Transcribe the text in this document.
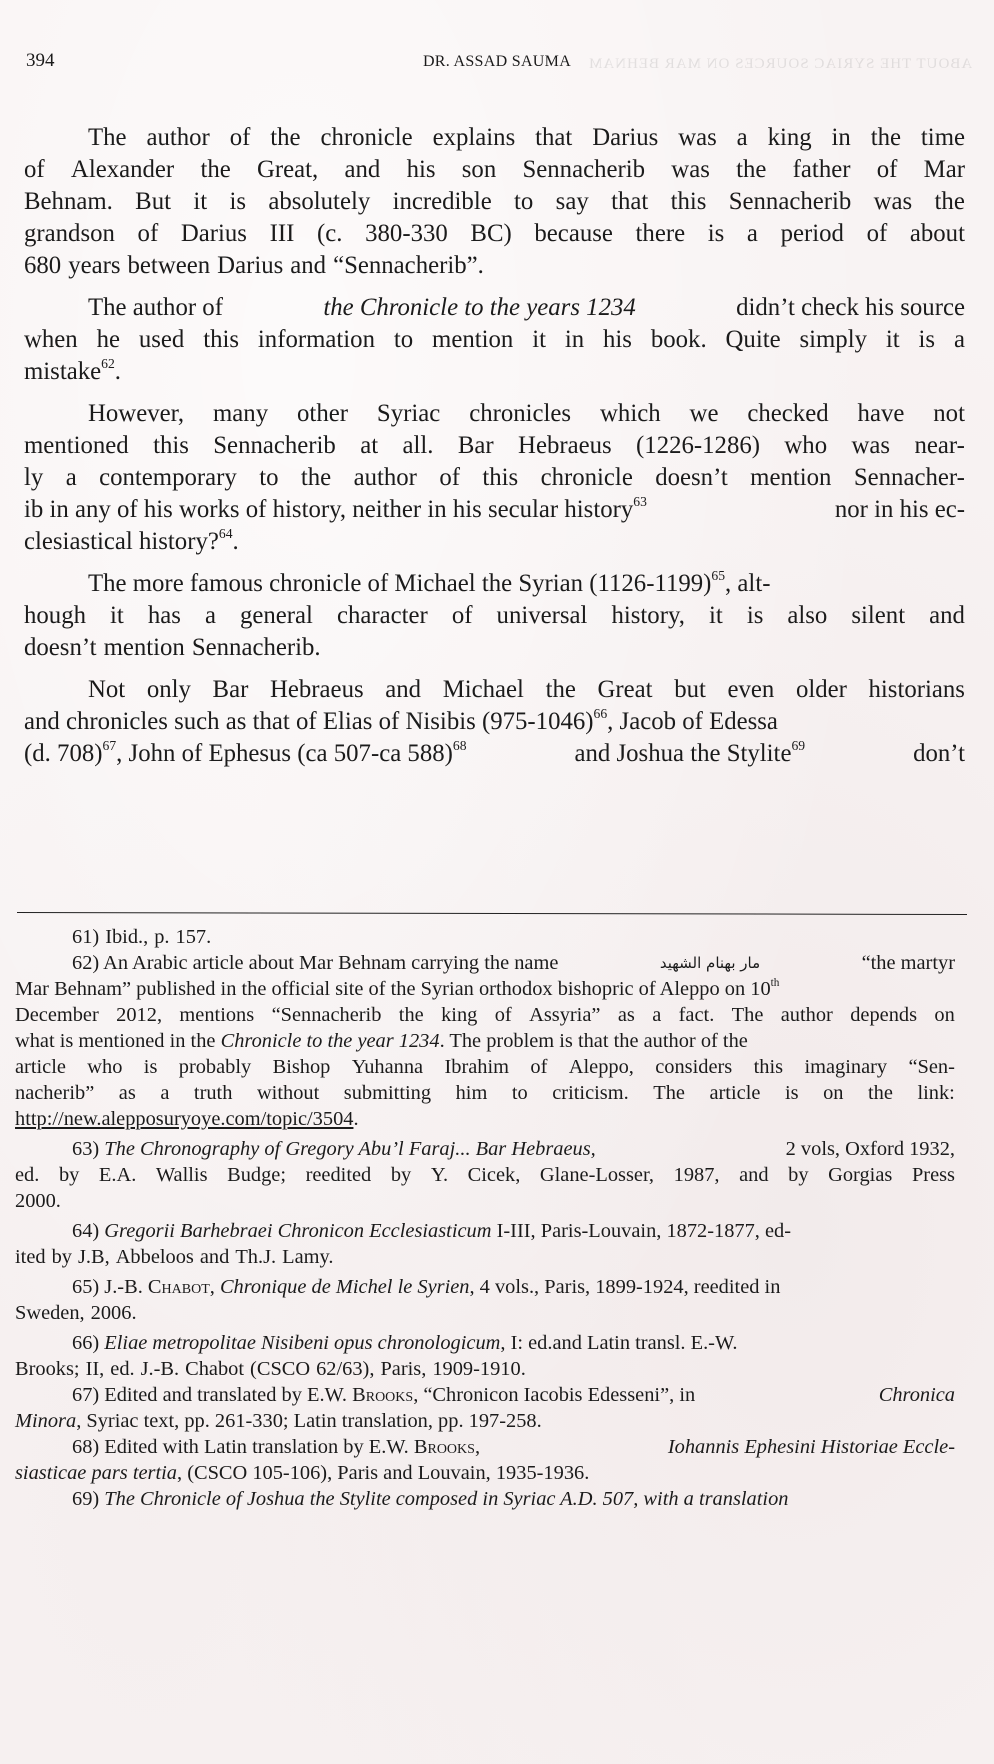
394	DR. ASSAD SAUMA	ABOUT THE SYRIAC SOURCES ON MAR BEHNAM
The author of the chronicle explains that Darius was a king in the time
of Alexander the Great, and his son Sennacherib was the father of Mar
Behnam. But it is absolutely incredible to say that this Sennacherib was the
grandson of Darius III (c. 380-330 BC) because there is a period of about
680 years between Darius and “Sennacherib”.
The author of	the Chronicle to the years 1234	didn’t check his source
when he used this information to mention it in his book. Quite simply it is a
mistake$^{62}$.
However, many other Syriac chronicles which we checked have not
mentioned this Sennacherib at all. Bar Hebraeus (1226-1286) who was near-
ly a contemporary to the author of this chronicle doesn’t mention Sennacher-
ib in any of his works of history, neither in his secular history$^{63}$	nor in his ec-
clesiastical history?$^{64}$.
The more famous chronicle of Michael the Syrian (1126-1199)$^{65}$, alt-
hough it has a general character of universal history, it is also silent and
doesn’t mention Sennacherib.
Not only Bar Hebraeus and Michael the Great but even older historians
and chronicles such as that of Elias of Nisibis $(975-1046)^{66}$, Jacob of Edessa
(d. 708)$^{67}$, John of Ephesus (ca 507-ca 588)$^{68}$	and Joshua the Stylite$^{69}$	don’t
61) Ibid., p. 157.
62) An Arabic article about Mar Behnam carrying the name	مار بهنام الشهيد	“the martyr
Mar Behnam” published in the official site of the Syrian orthodox bishopric of Aleppo on 10th
December 2012, mentions “Sennacherib the king of Assyria” as a fact. The author depends on
what is mentioned in the Chronicle to the year 1234. The problem is that the author of the
article who is probably Bishop Yuhanna Ibrahim of Aleppo, considers this imaginary “Sen-
nacherib” as a truth without submitting him to criticism. The article is on the link:
http://new.alepposuryoye.com/topic/3504.
63) The Chronography of Gregory Abu’l Faraj... Bar Hebraeus,	2 vols, Oxford 1932,
ed. by E.A. Wallis Budge; reedited by Y. Cicek, Glane-Losser, 1987, and by Gorgias Press
2000.
64) Gregorii Barhebraei Chronicon Ecclesiasticum I-III, Paris-Louvain, 1872-1877, ed-
ited by J.B, Abbeloos and Th.J. Lamy.
65) J.-B. Chabot, Chronique de Michel le Syrien, 4 vols., Paris, 1899-1924, reedited in
Sweden, 2006.
66) Eliae metropolitae Nisibeni opus chronologicum, I: ed.and Latin transl. E.-W.
Brooks; II, ed. J.-B. Chabot (CSCO 62/63), Paris, 1909-1910.
67) Edited and translated by E.W. Brooks, “Chronicon Iacobis Edesseni”, in	Chronica
Minora, Syriac text, pp. 261-330; Latin translation, pp. 197-258.
68) Edited with Latin translation by E.W. Brooks,	Iohannis Ephesini Historiae Eccle-
siasticae pars tertia, (CSCO 105-106), Paris and Louvain, 1935-1936.
69) The Chronicle of Joshua the Stylite composed in Syriac A.D. 507, with a translation
